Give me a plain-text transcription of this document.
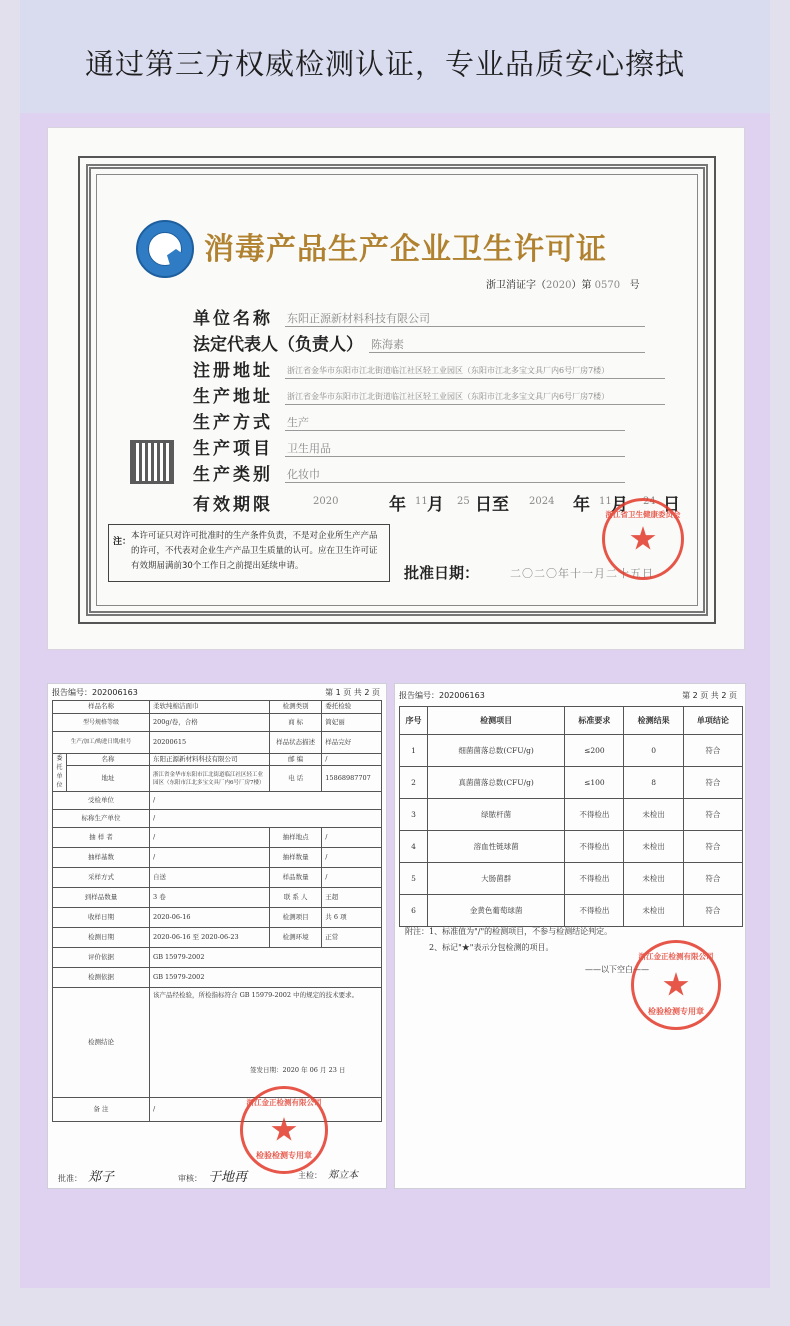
通过第三方权威检测认证，专业品质安心擦拭
消毒产品生产企业卫生许可证
浙卫消证字（2020）第 0570 号
单位名称 东阳正源新材料科技有限公司
法定代表人（负责人） 陈海素
注册地址 浙江省金华市东阳市江北街道临江社区轻工业园区（东阳市江北多宝文具厂内6号厂房7楼）
生产地址 浙江省金华市东阳市江北街道临江社区轻工业园区（东阳市江北多宝文具厂内6号厂房7楼）
生产方式 生产
生产项目 卫生用品
生产类别 化妆巾
有效期限	2020	年 11 月 25 日至 2024 年 11 月 24 日
注：
本许可证只对许可批准时的生产条件负责，不是对企业所生产产品的许可，不代表对企业生产产品卫生质量的认可。应在卫生许可证有效期届满前30个工作日之前提出延续申请。	批准日期：	二〇二〇年十一月二十五日
浙江省卫生健康委员会
报告编号：202006163	第 1 页 共 2 页
样品名称		柔软纯棉洁面巾	检测类别	委托检验
型号规格等级		200g/卷，合格	商 标	简妃丽
生产/加工/购进日期/批号		20200615	样品状态描述	样品完好
委托单位	名称	东阳正源新材料科技有限公司	邮 编	/
	地址	浙江省金华市东阳市江北街道临江社区轻工业园区（东阳市江北多宝文具厂内6号厂房7楼）	电 话	15868987707
受检单位		/		
标称生产单位		/		
抽 样 者		/	抽样地点	/
抽样基数		/	抽样数量	/
采样方式		自送	样品数量	/
到样品数量		3 卷	联 系 人	王超
收样日期		2020-06-16	检测项目	共 6 项
检测日期		2020-06-16 至 2020-06-23	检测环境	正常
评价依据		GB 15979-2002		
检测依据		GB 15979-2002		
检测结论		该产品经检验，所检指标符合 GB 15979-2002 中的规定的技术要求。
签发日期：2020 年 06 月 23 日		

备 注		/		
批准： 郑子	审核： 于地再	主检： 郑立本
浙江金正检测有限公司
检验检测专用章
报告编号：202006163	第 2 页 共 2 页
序号	检测项目	标准要求	检测结果	单项结论
1	细菌菌落总数(CFU/g)	≤200	0	符合
2	真菌菌落总数(CFU/g)	≤100	8	符合
3	绿脓杆菌	不得检出	未检出	符合
4	溶血性链球菌	不得检出	未检出	符合
5	大肠菌群	不得检出	未检出	符合
6	金黄色葡萄球菌	不得检出	未检出	符合
附注：1、标准值为"/"的检测项目，不参与检测结论判定。
2、标记"★"表示分包检测的项目。
——以下空白——
浙江金正检测有限公司
检验检测专用章
